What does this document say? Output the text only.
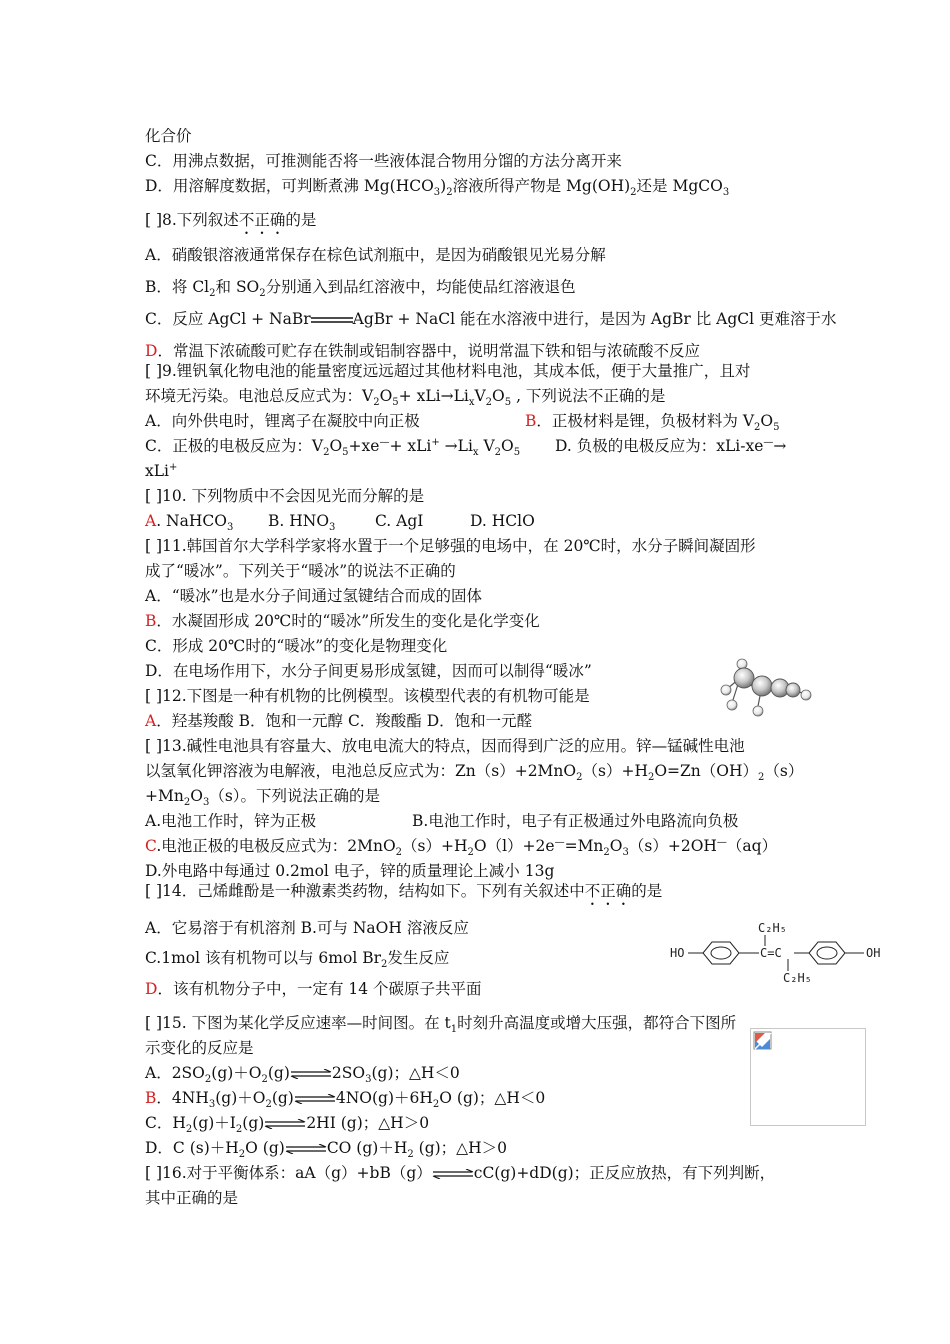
化合价
C．用沸点数据，可推测能否将一些液体混合物用分馏的方法分离开来
D．用溶解度数据，可判断煮沸 $Mg(HCO_3)_2$溶液所得产物是 $Mg(OH)_2$还是 MgCO$_3$
[ ]8.下列叙述不正确的是
A．硝酸银溶液通常保存在棕色试剂瓶中，是因为硝酸银见光易分解
B．将 $Cl_2$和 $SO_2$分别通入到品红溶液中，均能使品红溶液退色
C．反应 AgCl + NaBr	AgBr + NaCl 能在水溶液中进行，是因为 AgBr 比 AgCl 更难溶于水
D．常温下浓硫酸可贮存在铁制或铝制容器中，说明常温下铁和铝与浓硫酸不反应
[ ]9.锂钒氧化物电池的能量密度远远超过其他材料电池，其成本低，便于大量推广，且对
环境无污染。电池总反应式为：$V_2O_5+ xLi\to Li_xV_2O_5$ , 下列说法不正确的是
A．向外供电时，锂离子在凝胶中向正极	B．正极材料是锂，负极材料为 $V_2O_5$
C．正极的电极反应为：$V_2O_5+xe^—+ xLi^+ \to Li_x$ $V_2O_5$ D. 负极的电极反应为：xLi-xe—→
xLi+
[ ]10. 下列物质中不会因见光而分解的是
A. NaHCO$_3$ B. $HNO_3$	C. AgI	D. HClO
[ ]11.韩国首尔大学科学家将水置于一个足够强的电场中，在 20℃时，水分子瞬间凝固形
成了“暖冰”。下列关于“暖冰”的说法不正确的
A．“暖冰”也是水分子间通过氢键结合而成的固体
B．水凝固形成 20℃时的“暖冰”所发生的变化是化学变化
C．形成 20℃时的“暖冰”的变化是物理变化
D．在电场作用下，水分子间更易形成氢键，因而可以制得“暖冰”
[ ]12.下图是一种有机物的比例模型。该模型代表的有机物可能是
A．羟基羧酸 B．饱和一元醇 C．羧酸酯 D．饱和一元醛
[ ]13.碱性电池具有容量大、放电电流大的特点，因而得到广泛的应用。锌—锰碱性电池
以氢氧化钾溶液为电解液，电池总反应式为：$Zn(s)+2MnO_2(s)+H_2O=Zn(OH)_2(s)$
$+Mn_2O_3(s)$。下列说法正确的是
A.电池工作时，锌为正极	B.电池工作时，电子有正极通过外电路流向负极
C.电池正极的电极反应式为：$2MnO_2(s)+H_2O(l)+2e^—=Mn_2O_3(s)+2OH^—(aq)$
D.外电路中每通过 0.2mol 电子，锌的质量理论上减小 13g
[ ]14．己烯雌酚是一种激素类药物，结构如下。下列有关叙述中不正确的是
A．它易溶于有机溶剂 B.可与 NaOH 溶液反应
C.1mol 该有机物可以与 6mol $Br_2$发生反应
D．该有机物分子中，一定有 14 个碳原子共平面
HO	C=C
C₂H₅
C₂H₅
OH
[ ]15. 下图为某化学反应速率—时间图。在 $t_1$时刻升高温度或增大压强，都符合下图所
示变化的反应是
A．$2SO_2(g)+O_2(g)\rightleftharpoons 2SO_3(g)$；△H＜0
B．$4NH_3(g)+O_2(g)\rightleftharpoons 4NO(g)+6H_2O$ (g)；△H＜0
C．$H_2(g)+I_2(g)\rightleftharpoons 2HI$ (g)；△H＞0
D．C $(s)+H_2O$ (g)⇌CO $(g)+H_2$ (g)；△H＞0
[ ]16.对于平衡体系：aA（g）+bB（g）⇌cC(g)+dD(g)；正反应放热，有下列判断，
其中正确的是
